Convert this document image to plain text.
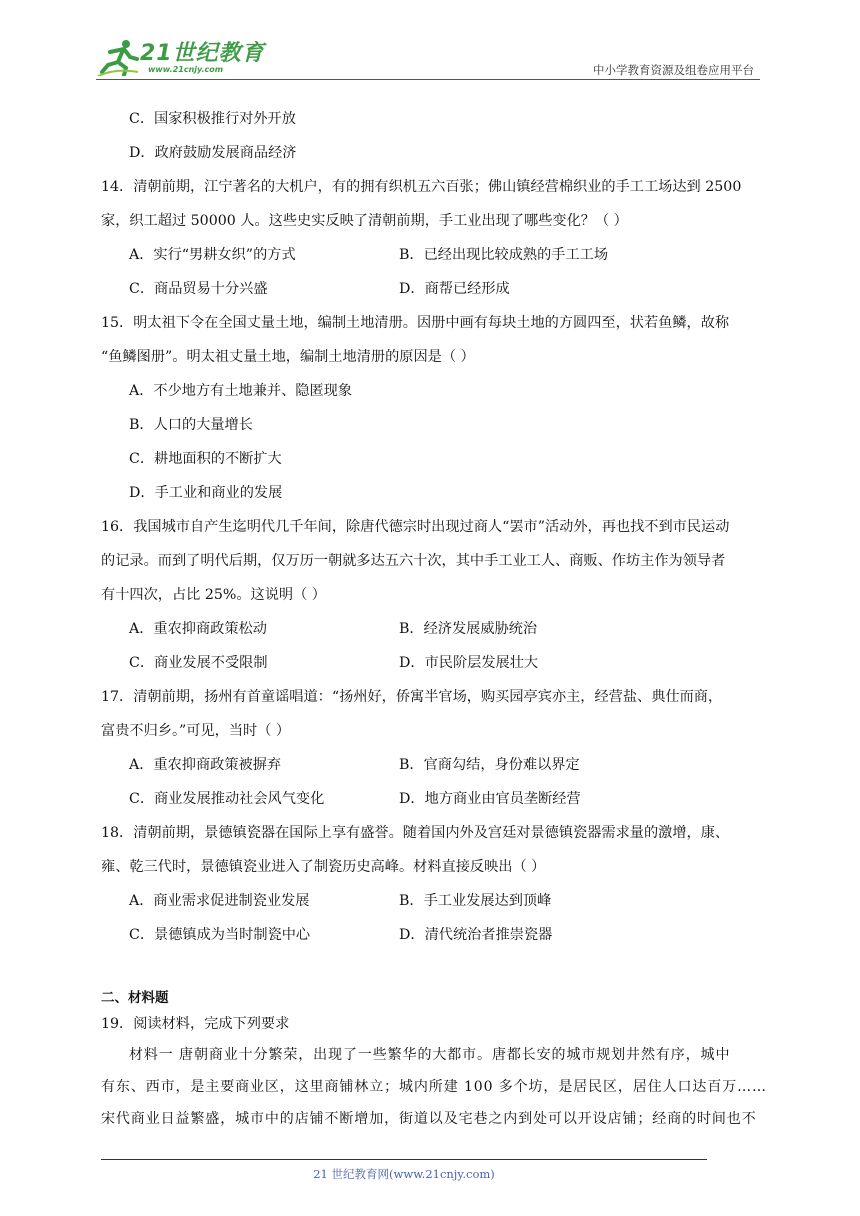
21世纪教育
www.21cnjy.com	中小学教育资源及组卷应用平台
C．国家积极推行对外开放
D．政府鼓励发展商品经济
14．清朝前期，江宁著名的大机户，有的拥有织机五六百张；佛山镇经营棉织业的手工工场达到 2500
家，织工超过 50000 人。这些史实反映了清朝前期，手工业出现了哪些变化？（ ）
A．实行“男耕女织”的方式	B．已经出现比较成熟的手工工场
C．商品贸易十分兴盛	D．商帮已经形成
15．明太祖下令在全国丈量土地，编制土地清册。因册中画有每块土地的方圆四至，状若鱼鳞，故称
“鱼鳞图册”。明太祖丈量土地，编制土地清册的原因是（ ）
A．不少地方有土地兼并、隐匿现象
B．人口的大量增长
C．耕地面积的不断扩大
D．手工业和商业的发展
16．我国城市自产生迄明代几千年间，除唐代德宗时出现过商人“罢市”活动外，再也找不到市民运动
的记录。而到了明代后期，仅万历一朝就多达五六十次，其中手工业工人、商贩、作坊主作为领导者
有十四次，占比 25%。这说明（ ）
A．重农抑商政策松动	B．经济发展威胁统治
C．商业发展不受限制	D．市民阶层发展壮大
17．清朝前期，扬州有首童谣唱道：“扬州好，侨寓半官场，购买园亭宾亦主，经营盐、典仕而商，
富贵不归乡。”可见，当时（ ）
A．重农抑商政策被摒弃	B．官商勾结，身份难以界定
C．商业发展推动社会风气变化	D．地方商业由官员垄断经营
18．清朝前期，景德镇瓷器在国际上享有盛誉。随着国内外及宫廷对景德镇瓷器需求量的激增，康、
雍、乾三代时，景德镇瓷业进入了制瓷历史高峰。材料直接反映出（ ）
A．商业需求促进制瓷业发展	B．手工业发展达到顶峰
C．景德镇成为当时制瓷中心	D．清代统治者推崇瓷器
二、材料题
19．阅读材料，完成下列要求
材料一 唐朝商业十分繁荣，出现了一些繁华的大都市。唐都长安的城市规划井然有序，城中
有东、西市，是主要商业区，这里商铺林立；城内所建 100 多个坊，是居民区，居住人口达百万……
宋代商业日益繁盛，城市中的店铺不断增加，街道以及宅巷之内到处可以开设店铺；经商的时间也不
21 世纪教育网(www.21cnjy.com)
